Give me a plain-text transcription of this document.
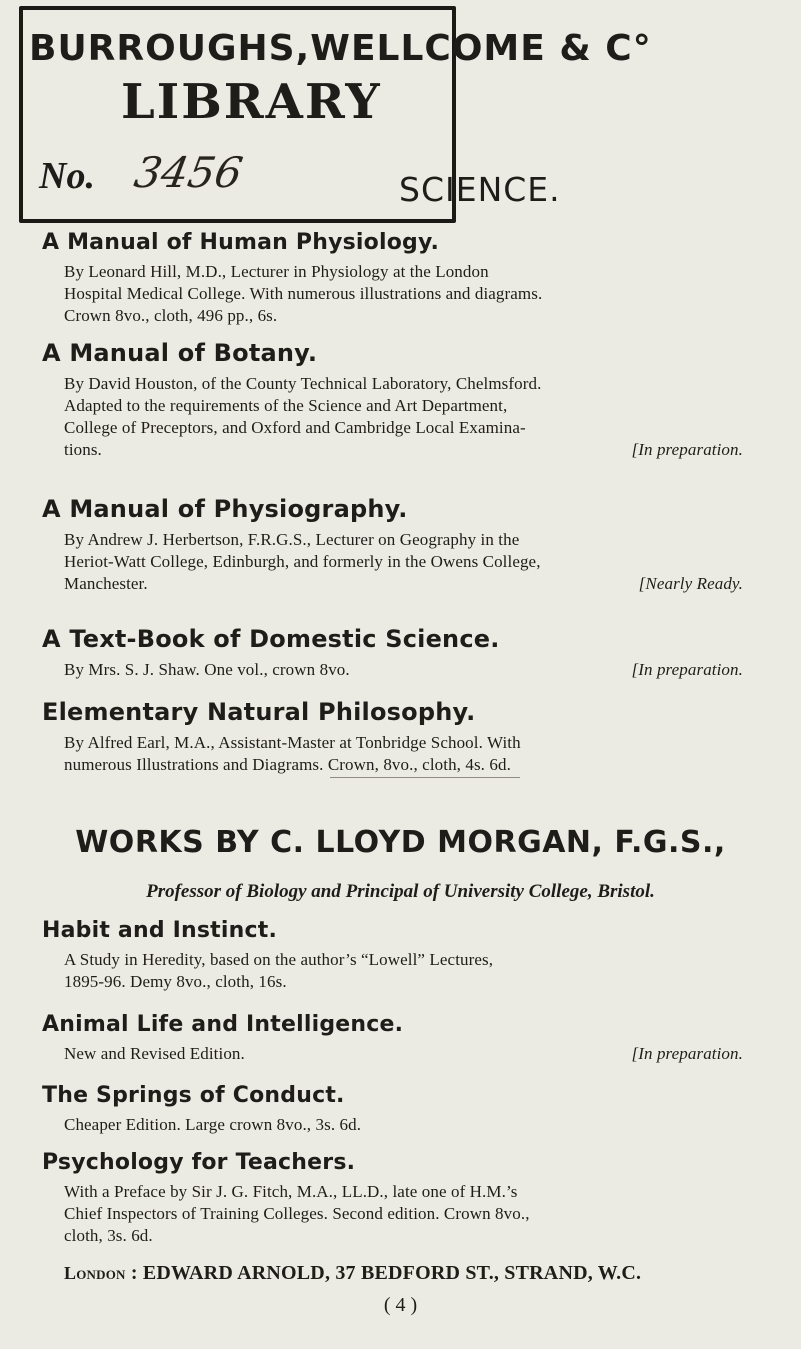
BURROUGHS,WELLCOME & C°
LIBRARY
No. 3456	SCIENCE.
A Manual of Human Physiology.
By Leonard Hill, M.D., Lecturer in Physiology at the London
Hospital Medical College. With numerous illustrations and diagrams.
Crown 8vo., cloth, 496 pp., 6s.
A Manual of Botany.
By David Houston, of the County Technical Laboratory, Chelmsford.
Adapted to the requirements of the Science and Art Department,
College of Preceptors, and Oxford and Cambridge Local Examina-
tions.	[In preparation.
A Manual of Physiography.
By Andrew J. Herbertson, F.R.G.S., Lecturer on Geography in the
Heriot-Watt College, Edinburgh, and formerly in the Owens College,
Manchester.	[Nearly Ready.
A Text-Book of Domestic Science.
By Mrs. S. J. Shaw. One vol., crown 8vo.	[In preparation.
Elementary Natural Philosophy.
By Alfred Earl, M.A., Assistant-Master at Tonbridge School. With
numerous Illustrations and Diagrams. Crown, 8vo., cloth, 4s. 6d.
WORKS BY C. LLOYD MORGAN, F.G.S.,
Professor of Biology and Principal of University College, Bristol.
Habit and Instinct.
A Study in Heredity, based on the author’s “Lowell” Lectures,
1895-96. Demy 8vo., cloth, 16s.
Animal Life and Intelligence.
New and Revised Edition.	[In preparation.
The Springs of Conduct.
Cheaper Edition. Large crown 8vo., 3s. 6d.
Psychology for Teachers.
With a Preface by Sir J. G. Fitch, M.A., LL.D., late one of H.M.’s
Chief Inspectors of Training Colleges. Second edition. Crown 8vo.,
cloth, 3s. 6d.
London : EDWARD ARNOLD, 37 BEDFORD ST., STRAND, W.C.
( 4 )
